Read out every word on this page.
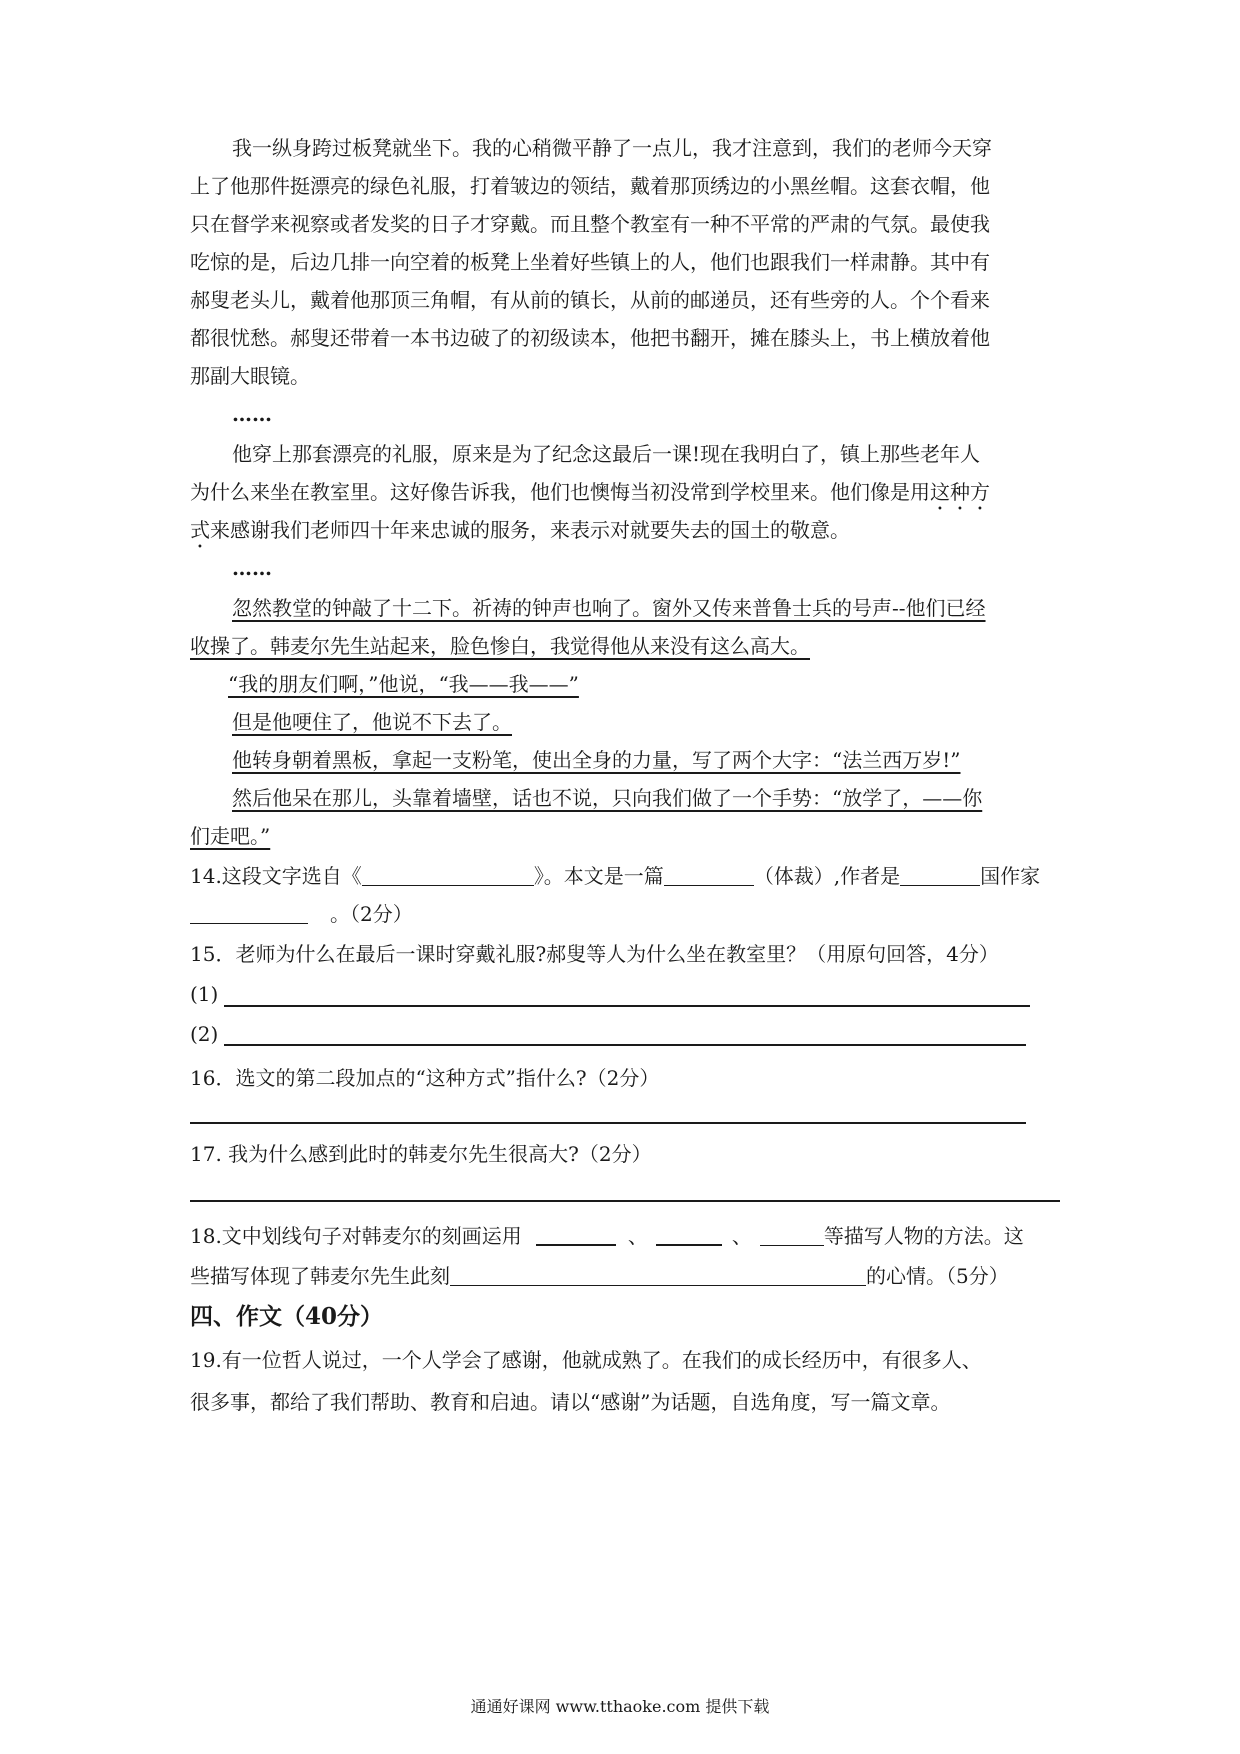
我一纵身跨过板凳就坐下。我的心稍微平静了一点儿，我才注意到，我们的老师今天穿
上了他那件挺漂亮的绿色礼服，打着皱边的领结，戴着那顶绣边的小黑丝帽。这套衣帽，他
只在督学来视察或者发奖的日子才穿戴。而且整个教室有一种不平常的严肃的气氛。最使我
吃惊的是，后边几排一向空着的板凳上坐着好些镇上的人，他们也跟我们一样肃静。其中有
郝叟老头儿，戴着他那顶三角帽，有从前的镇长，从前的邮递员，还有些旁的人。个个看来
都很忧愁。郝叟还带着一本书边破了的初级读本，他把书翻开，摊在膝头上，书上横放着他
那副大眼镜。
……
他穿上那套漂亮的礼服，原来是为了纪念这最后一课!现在我明白了，镇上那些老年人
为什么来坐在教室里。这好像告诉我，他们也懊悔当初没常到学校里来。他们像是用这种方
式来感谢我们老师四十年来忠诚的服务，来表示对就要失去的国土的敬意。
……
忽然教堂的钟敲了十二下。祈祷的钟声也响了。窗外又传来普鲁士兵的号声--他们已经
收操了。韩麦尔先生站起来，脸色惨白，我觉得他从来没有这么高大。
“我的朋友们啊，”他说，“我——我——”
但是他哽住了，他说不下去了。
他转身朝着黑板，拿起一支粉笔，使出全身的力量，写了两个大字：“法兰西万岁!”
然后他呆在那儿，头靠着墙壁，话也不说，只向我们做了一个手势：“放学了，——你
们走吧。”
14.这段文字选自《	》。本文是一篇	（体裁）,作者是	国作家
。（2分）
15．老师为什么在最后一课时穿戴礼服?郝叟等人为什么坐在教室里？（用原句回答，4分）
(1)
(2)
16．选文的第二段加点的“这种方式”指什么?（2分）
17. 我为什么感到此时的韩麦尔先生很高大?（2分）
18.文中划线句子对韩麦尔的刻画运用	、	、	等描写人物的方法。这
些描写体现了韩麦尔先生此刻	的心情。（5分）
四、作文（40分）
19.有一位哲人说过，一个人学会了感谢，他就成熟了。在我们的成长经历中，有很多人、
很多事，都给了我们帮助、教育和启迪。请以“感谢”为话题，自选角度，写一篇文章。
通通好课网 www.tthaoke.com 提供下载
